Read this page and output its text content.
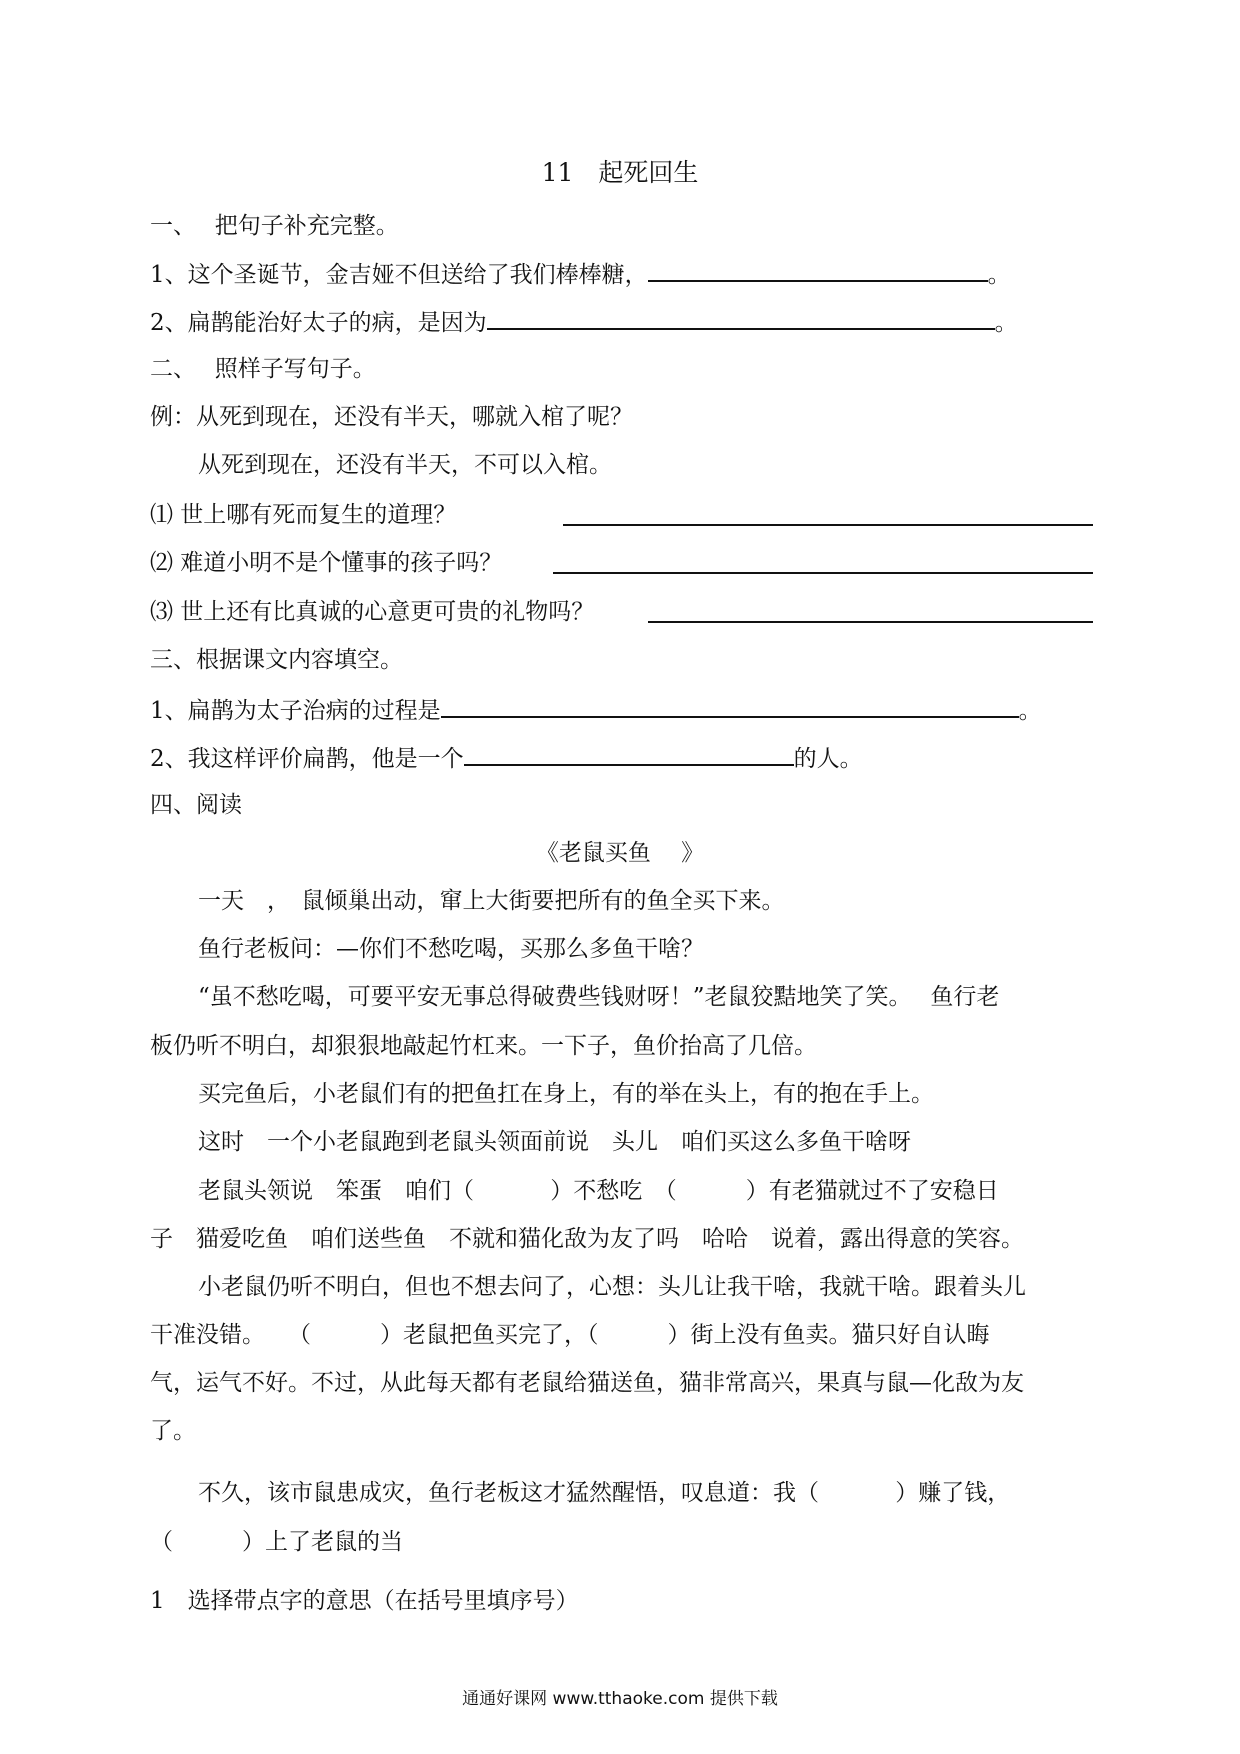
11　起死回生
一、　 把句子补充完整。
1、这个圣诞节，金吉娅不但送给了我们棒棒糖，	。
2、扁鹊能治好太子的病，是因为	。
二、　 照样子写句子。
例：从死到现在，还没有半天，哪就入棺了呢？
从死到现在，还没有半天，不可以入棺。
⑴ 世上哪有死而复生的道理？
⑵ 难道小明不是个懂事的孩子吗？
⑶ 世上还有比真诚的心意更可贵的礼物吗？
三、根据课文内容填空。
1、扁鹊为太子治病的过程是	。
2、我这样评价扁鹊，他是一个	的人。
四、阅读
《老鼠买鱼　 》
一天　，　鼠倾巢出动，窜上大街要把所有的鱼全买下来。
鱼行老板问：—你们不愁吃喝，买那么多鱼干啥？
“虽不愁吃喝，可要平安无事总得破费些钱财呀！”老鼠狡黠地笑了笑。　 鱼行老
板仍听不明白，却狠狠地敲起竹杠来。一下子，鱼价抬高了几倍。
买完鱼后，小老鼠们有的把鱼扛在身上，有的举在头上，有的抱在手上。
这时　一个小老鼠跑到老鼠头领面前说　头儿　咱们买这么多鱼干啥呀
老鼠头领说　笨蛋　咱们（　　　 ）不愁吃　（　　　）有老猫就过不了安稳日
子　猫爱吃鱼　咱们送些鱼　不就和猫化敌为友了吗　哈哈　说着，露出得意的笑容。
小老鼠仍听不明白，但也不想去问了，心想：头儿让我干啥，我就干啥。跟着头儿
干准没错。　　（　　　）老鼠把鱼买完了，（　　　）街上没有鱼卖。猫只好自认晦
气，运气不好。不过，从此每天都有老鼠给猫送鱼，猫非常高兴，果真与鼠—化敌为友
了。
不久，该市鼠患成灾，鱼行老板这才猛然醒悟，叹息道：我（　　　 ）赚了钱，
（　　　）上了老鼠的当
1　选择带点字的意思（在括号里填序号）
通通好课网 www.tthaoke.com 提供下载
